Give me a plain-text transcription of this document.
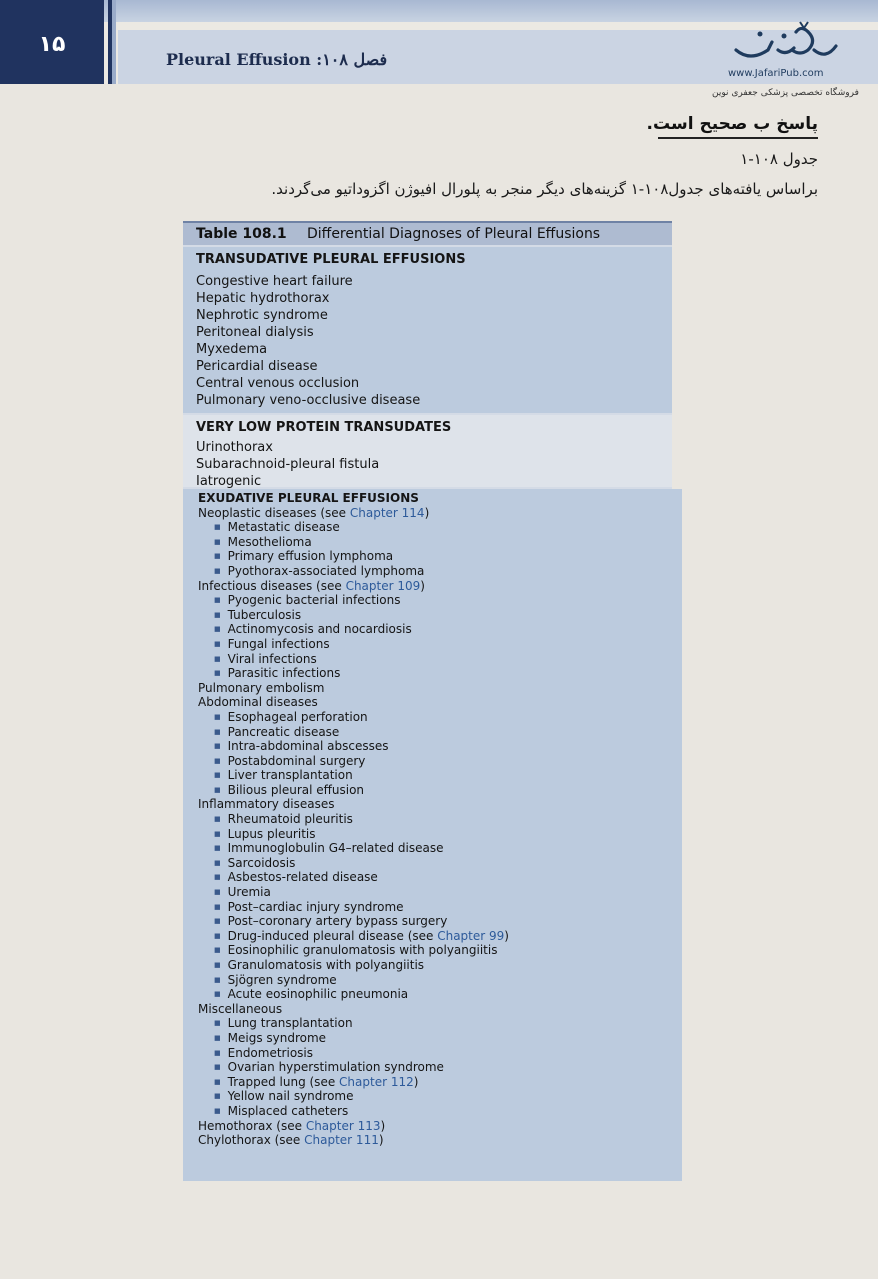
۱۵
Pleural Effusion فصل ۱۰۸:
www.JafariPub.com
فروشگاه تخصصی پزشکی جعفری نوین
پاسخ ب صحیح است.
جدول ۱۰۸-۱
براساس یافته‌های جدول۱۰۸-۱ گزینه‌های دیگر منجر به پلورال افیوژن اگزوداتیو می‌گردند.
Table 108.1 Differential Diagnoses of Pleural Effusions
TRANSUDATIVE PLEURAL EFFUSIONS
Congestive heart failure
Hepatic hydrothorax
Nephrotic syndrome
Peritoneal dialysis
Myxedema
Pericardial disease
Central venous occlusion
Pulmonary veno-occlusive disease
VERY LOW PROTEIN TRANSUDATES
Urinothorax
Subarachnoid-pleural fistula
Iatrogenic
EXUDATIVE PLEURAL EFFUSIONS
Neoplastic diseases (see Chapter 114)
■ Metastatic disease
■ Mesothelioma
■ Primary effusion lymphoma
■ Pyothorax-associated lymphoma
Infectious diseases (see Chapter 109)
■ Pyogenic bacterial infections
■ Tuberculosis
■ Actinomycosis and nocardiosis
■ Fungal infections
■ Viral infections
■ Parasitic infections
Pulmonary embolism
Abdominal diseases
■ Esophageal perforation
■ Pancreatic disease
■ Intra-abdominal abscesses
■ Postabdominal surgery
■ Liver transplantation
■ Bilious pleural effusion
Inflammatory diseases
■ Rheumatoid pleuritis
■ Lupus pleuritis
■ Immunoglobulin G4–related disease
■ Sarcoidosis
■ Asbestos-related disease
■ Uremia
■ Post–cardiac injury syndrome
■ Post–coronary artery bypass surgery
■ Drug-induced pleural disease (see Chapter 99)
■ Eosinophilic granulomatosis with polyangiitis
■ Granulomatosis with polyangiitis
■ Sjögren syndrome
■ Acute eosinophilic pneumonia
Miscellaneous
■ Lung transplantation
■ Meigs syndrome
■ Endometriosis
■ Ovarian hyperstimulation syndrome
■ Trapped lung (see Chapter 112)
■ Yellow nail syndrome
■ Misplaced catheters
Hemothorax (see Chapter 113)
Chylothorax (see Chapter 111)
